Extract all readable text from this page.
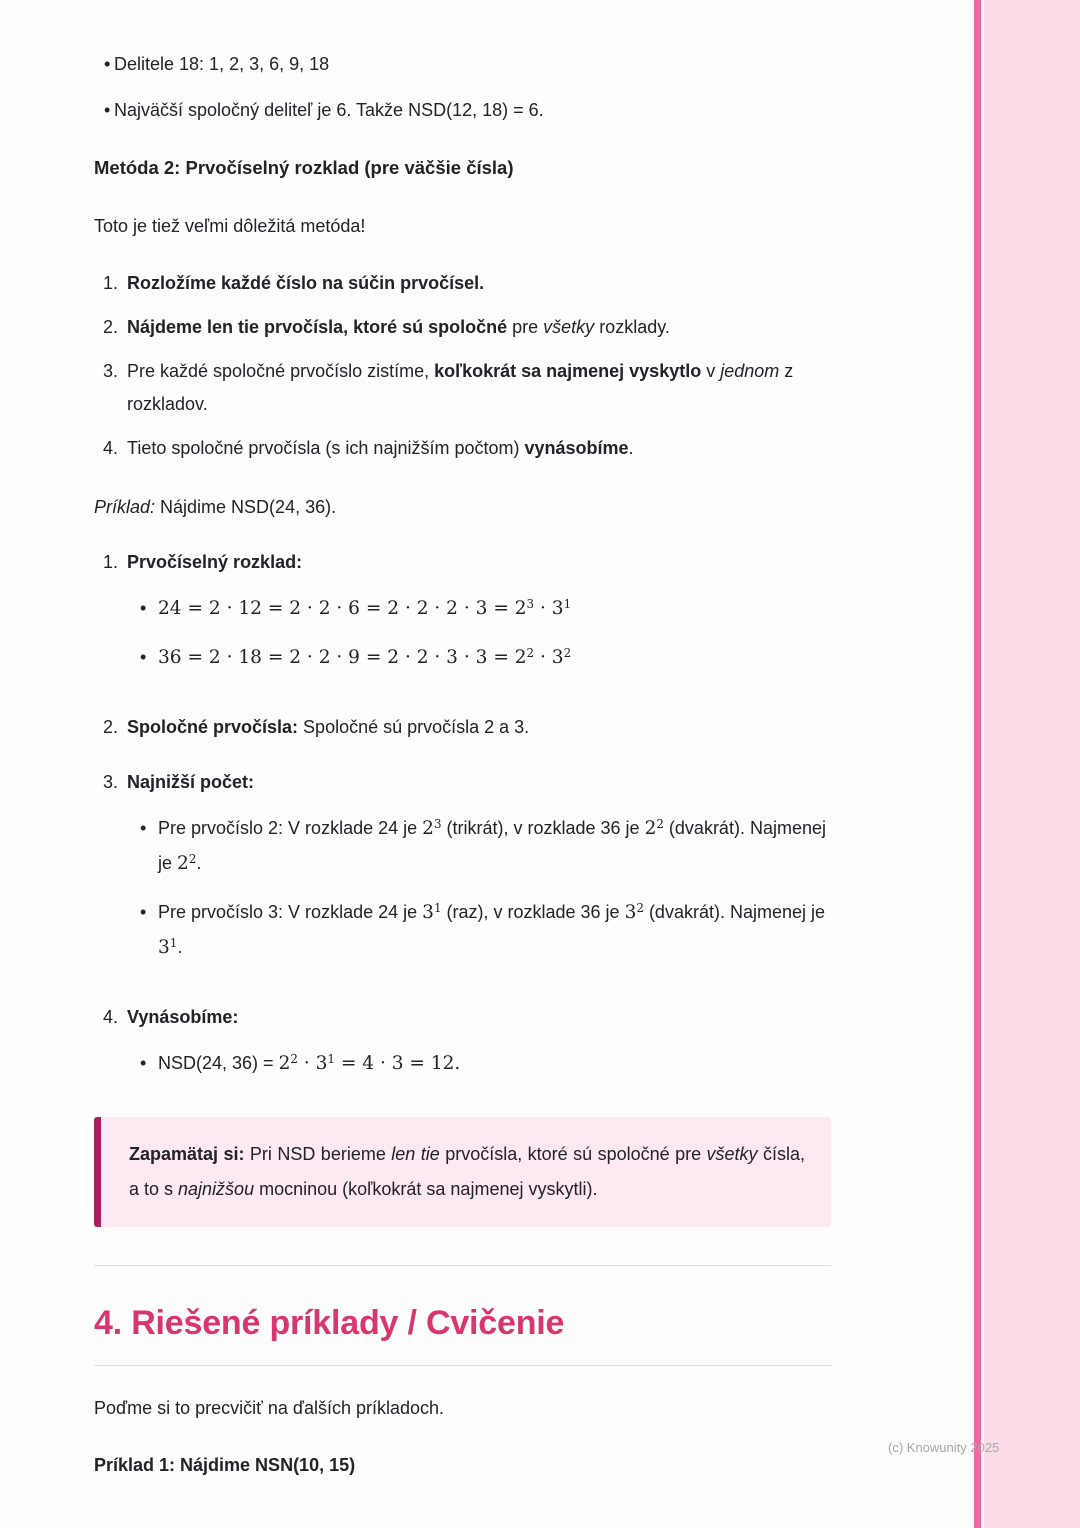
• Delitele 18: 1, 2, 3, 6, 9, 18
• Najväčší spoločný deliteľ je 6. Takže NSD(12, 18) = 6.
Metóda 2: Prvočíselný rozklad (pre väčšie čísla)

Toto je tiež veľmi dôležitá metóda!

1. Rozložíme každé číslo na súčin prvočísel.
2. Nájdeme len tie prvočísla, ktoré sú spoločné pre všetky rozklady.
3. Pre každé spoločné prvočíslo zistíme, koľkokrát sa najmenej vyskytlo v jednom z rozkladov.
4. Tieto spoločné prvočísla (s ich najnižším počtom) vynásobíme.

Príklad: Nájdime NSD(24, 36).

1. Prvočíselný rozklad:
• $24 = 2 \cdot 12 = 2 \cdot 2 \cdot 6 = 2 \cdot 2 \cdot 2 \cdot 3 = 2^3 \cdot 3^1$
• $36 = 2 \cdot 18 = 2 \cdot 2 \cdot 9 = 2 \cdot 2 \cdot 3 \cdot 3 = 2^2 \cdot 3^2$
2. Spoločné prvočísla: Spoločné sú prvočísla 2 a 3.
3. Najnižší počet:
• Pre prvočíslo 2: V rozklade 24 je $2^3$ (trikrát), v rozklade 36 je $2^2$ (dvakrát). Najmenej je $2^2$.
• Pre prvočíslo 3: V rozklade 24 je $3^1$ (raz), v rozklade 36 je $3^2$ (dvakrát). Najmenej je $3^1$.
4. Vynásobíme:
• NSD(24, $36) = 2^2 \cdot 3^1 = 4 \cdot 3 = 12$.

Zapamätaj si: Pri NSD berieme len tie prvočísla, ktoré sú spoločné pre všetky čísla, a to s najnižšou mocninou (koľkokrát sa najmenej vyskytli).

4. Riešené príklady / Cvičenie

Poďme si to precvičiť na ďalších príkladoch.

Príklad 1: Nájdime NSN(10, 15)

(c) Knowunity 2025
